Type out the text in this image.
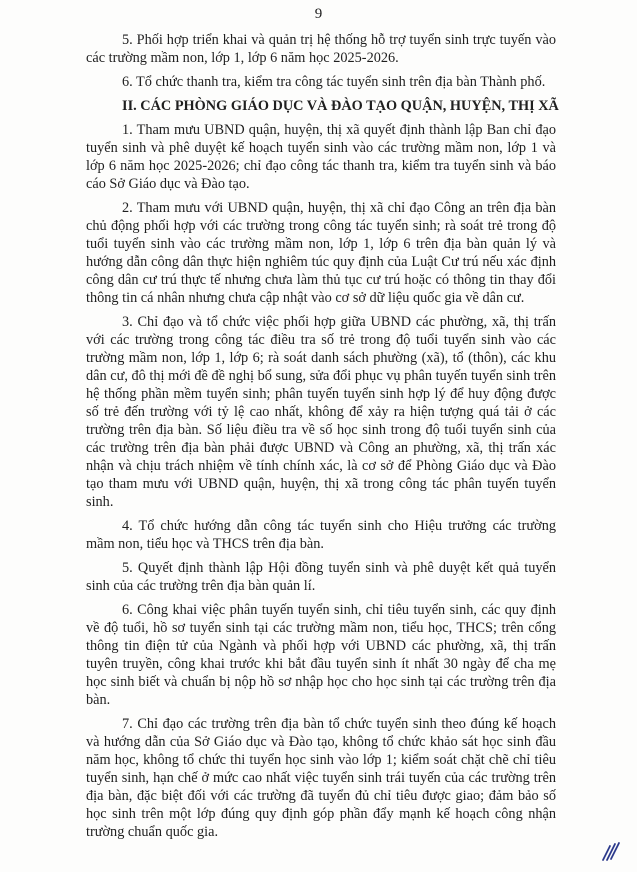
9

5. Phối hợp triển khai và quản trị hệ thống hỗ trợ tuyển sinh trực tuyến vào các trường mầm non, lớp 1, lớp 6 năm học 2025-2026.

6. Tổ chức thanh tra, kiểm tra công tác tuyển sinh trên địa bàn Thành phố.

II. CÁC PHÒNG GIÁO DỤC VÀ ĐÀO TẠO QUẬN, HUYỆN, THỊ XÃ

1. Tham mưu UBND quận, huyện, thị xã quyết định thành lập Ban chỉ đạo tuyển sinh và phê duyệt kế hoạch tuyển sinh vào các trường mầm non, lớp 1 và lớp 6 năm học 2025-2026; chỉ đạo công tác thanh tra, kiểm tra tuyển sinh và báo cáo Sở Giáo dục và Đào tạo.

2. Tham mưu với UBND quận, huyện, thị xã chỉ đạo Công an trên địa bàn chủ động phối hợp với các trường trong công tác tuyển sinh; rà soát trẻ trong độ tuổi tuyển sinh vào các trường mầm non, lớp 1, lớp 6 trên địa bàn quản lý và hướng dẫn công dân thực hiện nghiêm túc quy định của Luật Cư trú nếu xác định công dân cư trú thực tế nhưng chưa làm thủ tục cư trú hoặc có thông tin thay đổi thông tin cá nhân nhưng chưa cập nhật vào cơ sở dữ liệu quốc gia về dân cư.

3. Chỉ đạo và tổ chức việc phối hợp giữa UBND các phường, xã, thị trấn với các trường trong công tác điều tra số trẻ trong độ tuổi tuyển sinh vào các trường mầm non, lớp 1, lớp 6; rà soát danh sách phường (xã), tổ (thôn), các khu dân cư, đô thị mới đề đề nghị bổ sung, sửa đổi phục vụ phân tuyến tuyển sinh trên hệ thống phần mềm tuyển sinh; phân tuyến tuyển sinh hợp lý để huy động được số trẻ đến trường với tỷ lệ cao nhất, không để xảy ra hiện tượng quá tải ở các trường trên địa bàn. Số liệu điều tra về số học sinh trong độ tuổi tuyển sinh của các trường trên địa bàn phải được UBND và Công an phường, xã, thị trấn xác nhận và chịu trách nhiệm về tính chính xác, là cơ sở để Phòng Giáo dục và Đào tạo tham mưu với UBND quận, huyện, thị xã trong công tác phân tuyến tuyển sinh.

4. Tổ chức hướng dẫn công tác tuyển sinh cho Hiệu trưởng các trường mầm non, tiểu học và THCS trên địa bàn.

5. Quyết định thành lập Hội đồng tuyển sinh và phê duyệt kết quả tuyển sinh của các trường trên địa bàn quản lí.

6. Công khai việc phân tuyến tuyển sinh, chỉ tiêu tuyển sinh, các quy định về độ tuổi, hồ sơ tuyển sinh tại các trường mầm non, tiểu học, THCS; trên cổng thông tin điện tử của Ngành và phối hợp với UBND các phường, xã, thị trấn tuyên truyền, công khai trước khi bắt đầu tuyển sinh ít nhất 30 ngày để cha mẹ học sinh biết và chuẩn bị nộp hồ sơ nhập học cho học sinh tại các trường trên địa bàn.

7. Chỉ đạo các trường trên địa bàn tổ chức tuyển sinh theo đúng kế hoạch và hướng dẫn của Sở Giáo dục và Đào tạo, không tổ chức khảo sát học sinh đầu năm học, không tổ chức thi tuyển học sinh vào lớp 1; kiểm soát chặt chẽ chỉ tiêu tuyển sinh, hạn chế ở mức cao nhất việc tuyển sinh trái tuyến của các trường trên địa bàn, đặc biệt đối với các trường đã tuyển đủ chỉ tiêu được giao; đảm bảo số học sinh trên một lớp đúng quy định góp phần đẩy mạnh kế hoạch công nhận trường chuẩn quốc gia.
